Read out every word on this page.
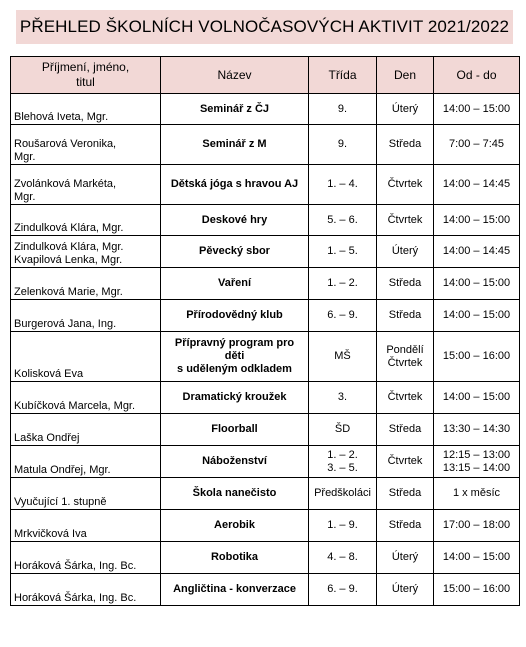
PŘEHLED ŠKOLNÍCH VOLNOČASOVÝCH AKTIVIT 2021/2022
Příjmení, jméno,
titul	Název	Třída	Den	Od - do
Blehová Iveta, Mgr.	Seminář z ČJ	9.	Úterý	14:00 – 15:00
Roušarová Veronika,
Mgr.	Seminář z M	9.	Středa	7:00 – 7:45
Zvolánková Markéta,
Mgr.	Dětská jóga s hravou AJ	1. – 4.	Čtvrtek	14:00 – 14:45
Zindulková Klára, Mgr.	Deskové hry	5. – 6.	Čtvrtek	14:00 – 15:00
Zindulková Klára, Mgr.
Kvapilová Lenka, Mgr.	Pěvecký sbor	1. – 5.	Úterý	14:00 – 14:45
Zelenková Marie, Mgr.	Vaření	1. – 2.	Středa	14:00 – 15:00
Burgerová Jana, Ing.	Přírodovědný klub	6. – 9.	Středa	14:00 – 15:00
Kolisková Eva	Přípravný program pro
děti
s uděleným odkladem	MŠ	Pondělí
Čtvrtek	15:00 – 16:00
Kubíčková Marcela, Mgr.	Dramatický kroužek	3.	Čtvrtek	14:00 – 15:00
Laška Ondřej	Floorball	ŠD	Středa	13:30 – 14:30
Matula Ondřej, Mgr.	Náboženství	1. – 2.
3. – 5.	Čtvrtek	12:15 – 13:00
13:15 – 14:00
Vyučující 1. stupně	Škola nanečisto	Předškoláci	Středa	1 x měsíc
Mrkvičková Iva	Aerobik	1. – 9.	Středa	17:00 – 18:00
Horáková Šárka, Ing. Bc.	Robotika	4. – 8.	Úterý	14:00 – 15:00
Horáková Šárka, Ing. Bc.	Angličtina - konverzace	6. – 9.	Úterý	15:00 – 16:00
